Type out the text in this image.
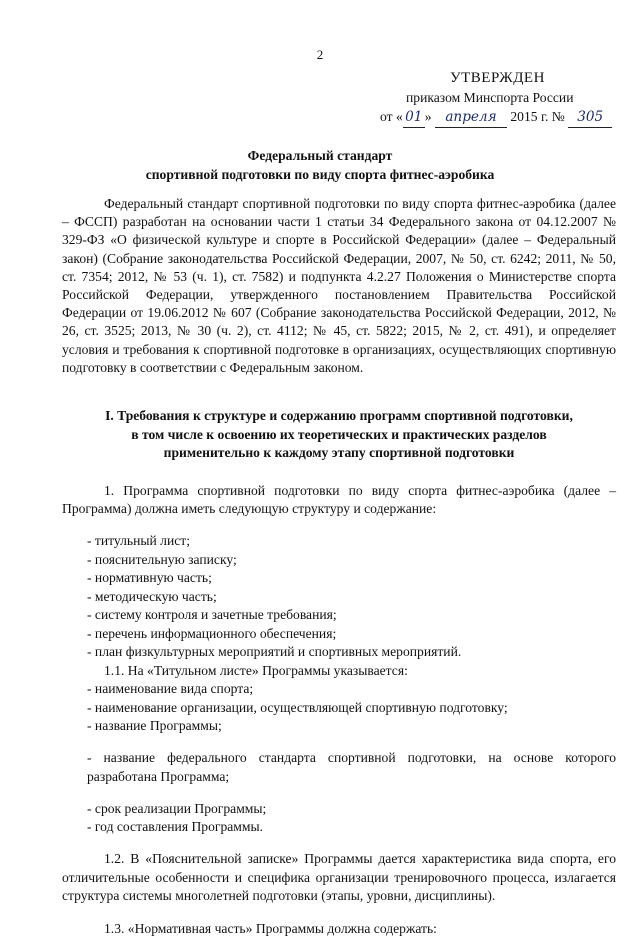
2
УТВЕРЖДЕН
приказом Минспорта России
от « 01 » апреля 2015 г. № 305
Федеральный стандарт
спортивной подготовки по виду спорта фитнес-аэробика

Федеральный стандарт спортивной подготовки по виду спорта фитнес-аэробика (далее – ФССП) разработан на основании части 1 статьи 34 Федерального закона от 04.12.2007 № 329-ФЗ «О физической культуре и спорте в Российской Федерации» (далее – Федеральный закон) (Собрание законодательства Российской Федерации, 2007, № 50, ст. 6242; 2011, № 50, ст. 7354; 2012, № 53 (ч. 1), ст. 7582) и подпункта 4.2.27 Положения о Министерстве спорта Российской Федерации, утвержденного постановлением Правительства Российской Федерации от 19.06.2012 № 607 (Собрание законодательства Российской Федерации, 2012, № 26, ст. 3525; 2013, № 30 (ч. 2), ст. 4112; № 45, ст. 5822; 2015, № 2, ст. 491), и определяет условия и требования к спортивной подготовке в организациях, осуществляющих спортивную подготовку в соответствии с Федеральным законом.

I. Требования к структуре и содержанию программ спортивной подготовки,
в том числе к освоению их теоретических и практических разделов
применительно к каждому этапу спортивной подготовки

1. Программа спортивной подготовки по виду спорта фитнес-аэробика (далее – Программа) должна иметь следующую структуру и содержание:

- титульный лист;
- пояснительную записку;
- нормативную часть;
- методическую часть;
- систему контроля и зачетные требования;
- перечень информационного обеспечения;
- план физкультурных мероприятий и спортивных мероприятий.
1.1. На «Титульном листе» Программы указывается:
- наименование вида спорта;
- наименование организации, осуществляющей спортивную подготовку;
- название Программы;

- название федерального стандарта спортивной подготовки, на основе которого разработана Программа;

- срок реализации Программы;
- год составления Программы.

1.2. В «Пояснительной записке» Программы дается характеристика вида спорта, его отличительные особенности и специфика организации тренировочного процесса, излагается структура системы многолетней подготовки (этапы, уровни, дисциплины).

1.3. «Нормативная часть» Программы должна содержать:
